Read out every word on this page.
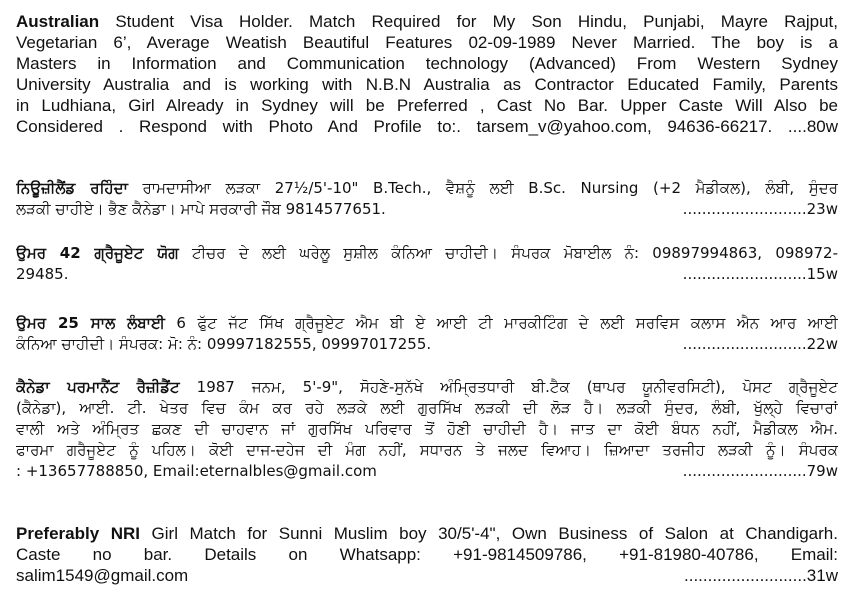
Australian Student Visa Holder. Match Required for My Son Hindu, Punjabi, Mayre Rajput,
Vegetarian 6’, Average Weatish Beautiful Features 02-09-1989 Never Married. The boy is a
Masters in Information and Communication technology (Advanced) From Western Sydney
University Australia and is working with N.B.N Australia as Contractor Educated Family, Parents
in Ludhiana, Girl Already in Sydney will be Preferred , Cast No Bar. Upper Caste Will Also be
Considered . Respond with Photo And Profile to:. tarsem_v@yahoo.com, 94636-66217. ....80w
ਨਿਊਜ਼ੀਲੈਂਡ ਰਹਿੰਦਾ ਰਾਮਦਾਸੀਆ ਲੜਕਾ 27½/5'-10" B.Tech., ਵੈਸ਼ਨੂੰ ਲਈ B.Sc. Nursing (+2 ਮੈਡੀਕਲ), ਲੰਬੀ, ਸੁੰਦਰ
ਲੜਕੀ ਚਾਹੀਏ। ਭੈਣ ਕੈਨੇਡਾ। ਮਾਪੇ ਸਰਕਾਰੀ ਜੌਬ 9814577651.	..........................23w
ਉਮਰ 42 ਗ੍ਰੈਜੂਏਟ ਯੋਗ ਟੀਚਰ ਦੇ ਲਈ ਘਰੇਲੂ ਸੁਸ਼ੀਲ ਕੰਨਿਆ ਚਾਹੀਦੀ। ਸੰਪਰਕ ਮੋਬਾਈਲ ਨੰ: 09897994863, 098972-
29485.	..........................15w
ਉਮਰ 25 ਸਾਲ ਲੰਬਾਈ 6 ਫੁੱਟ ਜੱਟ ਸਿੱਖ ਗ੍ਰੈਜੂਏਟ ਐਮ ਬੀ ਏ ਆਈ ਟੀ ਮਾਰਕੀਟਿੰਗ ਦੇ ਲਈ ਸਰਵਿਸ ਕਲਾਸ ਐਨ ਆਰ ਆਈ
ਕੰਨਿਆ ਚਾਹੀਦੀ। ਸੰਪਰਕ: ਮੋ: ਨੰ: 09997182555, 09997017255.	..........................22w
ਕੈਨੇਡਾ ਪਰਮਾਨੈਂਟ ਰੈਜ਼ੀਡੈਂਟ 1987 ਜਨਮ, 5'-9", ਸੋਹਣੇ-ਸੁਨੱਖੇ ਅੰਮ੍ਰਿਤਧਾਰੀ ਬੀ.ਟੈਕ (ਥਾਪਰ ਯੂਨੀਵਰਸਿਟੀ), ਪੋਸਟ ਗ੍ਰੈਜੂਏਟ
(ਕੈਨੇਡਾ), ਆਈ. ਟੀ. ਖੇਤਰ ਵਿਚ ਕੰਮ ਕਰ ਰਹੇ ਲੜਕੇ ਲਈ ਗੁਰਸਿੱਖ ਲੜਕੀ ਦੀ ਲੋੜ ਹੈ। ਲੜਕੀ ਸੁੰਦਰ, ਲੰਬੀ, ਖੁੱਲ੍ਹੇ ਵਿਚਾਰਾਂ
ਵਾਲੀ ਅਤੇ ਅੰਮ੍ਰਿਤ ਛਕਣ ਦੀ ਚਾਹਵਾਨ ਜਾਂ ਗੁਰਸਿੱਖ ਪਰਿਵਾਰ ਤੋਂ ਹੋਣੀ ਚਾਹੀਦੀ ਹੈ। ਜਾਤ ਦਾ ਕੋਈ ਬੰਧਨ ਨਹੀਂ, ਮੈਡੀਕਲ ਐਮ.
ਫਾਰਮਾ ਗਰੈਜੂਏਟ ਨੂੰ ਪਹਿਲ। ਕੋਈ ਦਾਜ-ਦਹੇਜ ਦੀ ਮੰਗ ਨਹੀਂ, ਸਧਾਰਨ ਤੇ ਜਲਦ ਵਿਆਹ। ਜ਼ਿਆਦਾ ਤਰਜੀਹ ਲੜਕੀ ਨੂੰ। ਸੰਪਰਕ
: +13657788850, Email:eternalbles@gmail.com	..........................79w
Preferably NRI Girl Match for Sunni Muslim boy 30/5'-4", Own Business of Salon at Chandigarh.
Caste no bar. Details on Whatsapp: +91-9814509786, +91-81980-40786, Email:
salim1549@gmail.com	..........................31w
